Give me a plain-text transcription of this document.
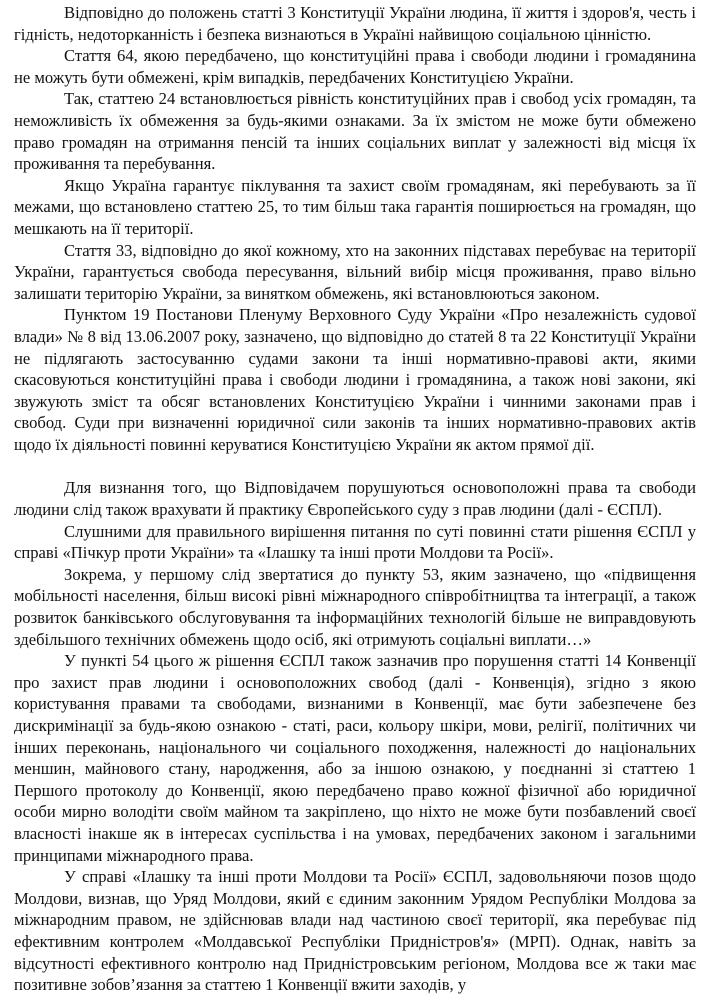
Відповідно до положень статті 3 Конституції України людина, її життя і здоров'я, честь і гідність, недоторканність і безпека визнаються в Україні найвищою соціальною цінністю.

Стаття 64, якою передбачено, що конституційні права і свободи людини і громадянина не можуть бути обмежені, крім випадків, передбачених Конституцією України.

Так, статтею 24 встановлюється рівність конституційних прав і свобод усіх громадян, та неможливість їх обмеження за будь-якими ознаками. За їх змістом не може бути обмежено право громадян на отримання пенсій та інших соціальних виплат у залежності від місця їх проживання та перебування.

Якщо Україна гарантує піклування та захист своїм громадянам, які перебувають за її межами, що встановлено статтею 25, то тим більш така гарантія поширюється на громадян, що мешкають на її території.

Стаття 33, відповідно до якої кожному, хто на законних підставах перебуває на території України, гарантується свобода пересування, вільний вибір місця проживання, право вільно залишати територію України, за винятком обмежень, які встановлюються законом.

Пунктом 19 Постанови Пленуму Верховного Суду України «Про незалежність судової влади» № 8 від 13.06.2007 року, зазначено, що відповідно до статей 8 та 22 Конституції України не підлягають застосуванню судами закони та інші нормативно-правові акти, якими скасовуються конституційні права і свободи людини і громадянина, а також нові закони, які звужують зміст та обсяг встановлених Конституцією України і чинними законами прав і свобод. Суди при визначенні юридичної сили законів та інших нормативно-правових актів щодо їх діяльності повинні керуватися Конституцією України як актом прямої дії.

Для визнання того, що Відповідачем порушуються основоположні права та свободи людини слід також врахувати й практику Європейського суду з прав людини (далі - ЄСПЛ).

Слушними для правильного вирішення питання по суті повинні стати рішення ЄСПЛ у справі «Пічкур проти України» та «Ілашку та інші проти Молдови та Росії».

Зокрема, у першому слід звертатися до пункту 53, яким зазначено, що «підвищення мобільності населення, більш високі рівні міжнародного співробітництва та інтеграції, а також розвиток банківського обслуговування та інформаційних технологій більше не виправдовують здебільшого технічних обмежень щодо осіб, які отримують соціальні виплати…»

У пункті 54 цього ж рішення ЄСПЛ також зазначив про порушення статті 14 Конвенції про захист прав людини і основоположних свобод (далі - Конвенція), згідно з якою користування правами та свободами, визнаними в Конвенції, має бути забезпечене без дискримінації за будь-якою ознакою - статі, раси, кольору шкіри, мови, релігії, політичних чи інших переконань, національного чи соціального походження, належності до національних меншин, майнового стану, народження, або за іншою ознакою, у поєднанні зі статтею 1 Першого протоколу до Конвенції, якою передбачено право кожної фізичної або юридичної особи мирно володіти своїм майном та закріплено, що ніхто не може бути позбавлений своєї власності інакше як в інтересах суспільства і на умовах, передбачених законом і загальними принципами міжнародного права.

У справі «Ілашку та інші проти Молдови та Росії» ЄСПЛ, задовольняючи позов щодо Молдови, визнав, що Уряд Молдови, який є єдиним законним Урядом Республіки Молдова за міжнародним правом, не здійснював влади над частиною своєї території, яка перебуває під ефективним контролем «Молдавської Республіки Придністров'я» (МРП). Однак, навіть за відсутності ефективного контролю над Придністровським регіоном, Молдова все ж таки має позитивне зобов’язання за статтею 1 Конвенції вжити заходів, у
